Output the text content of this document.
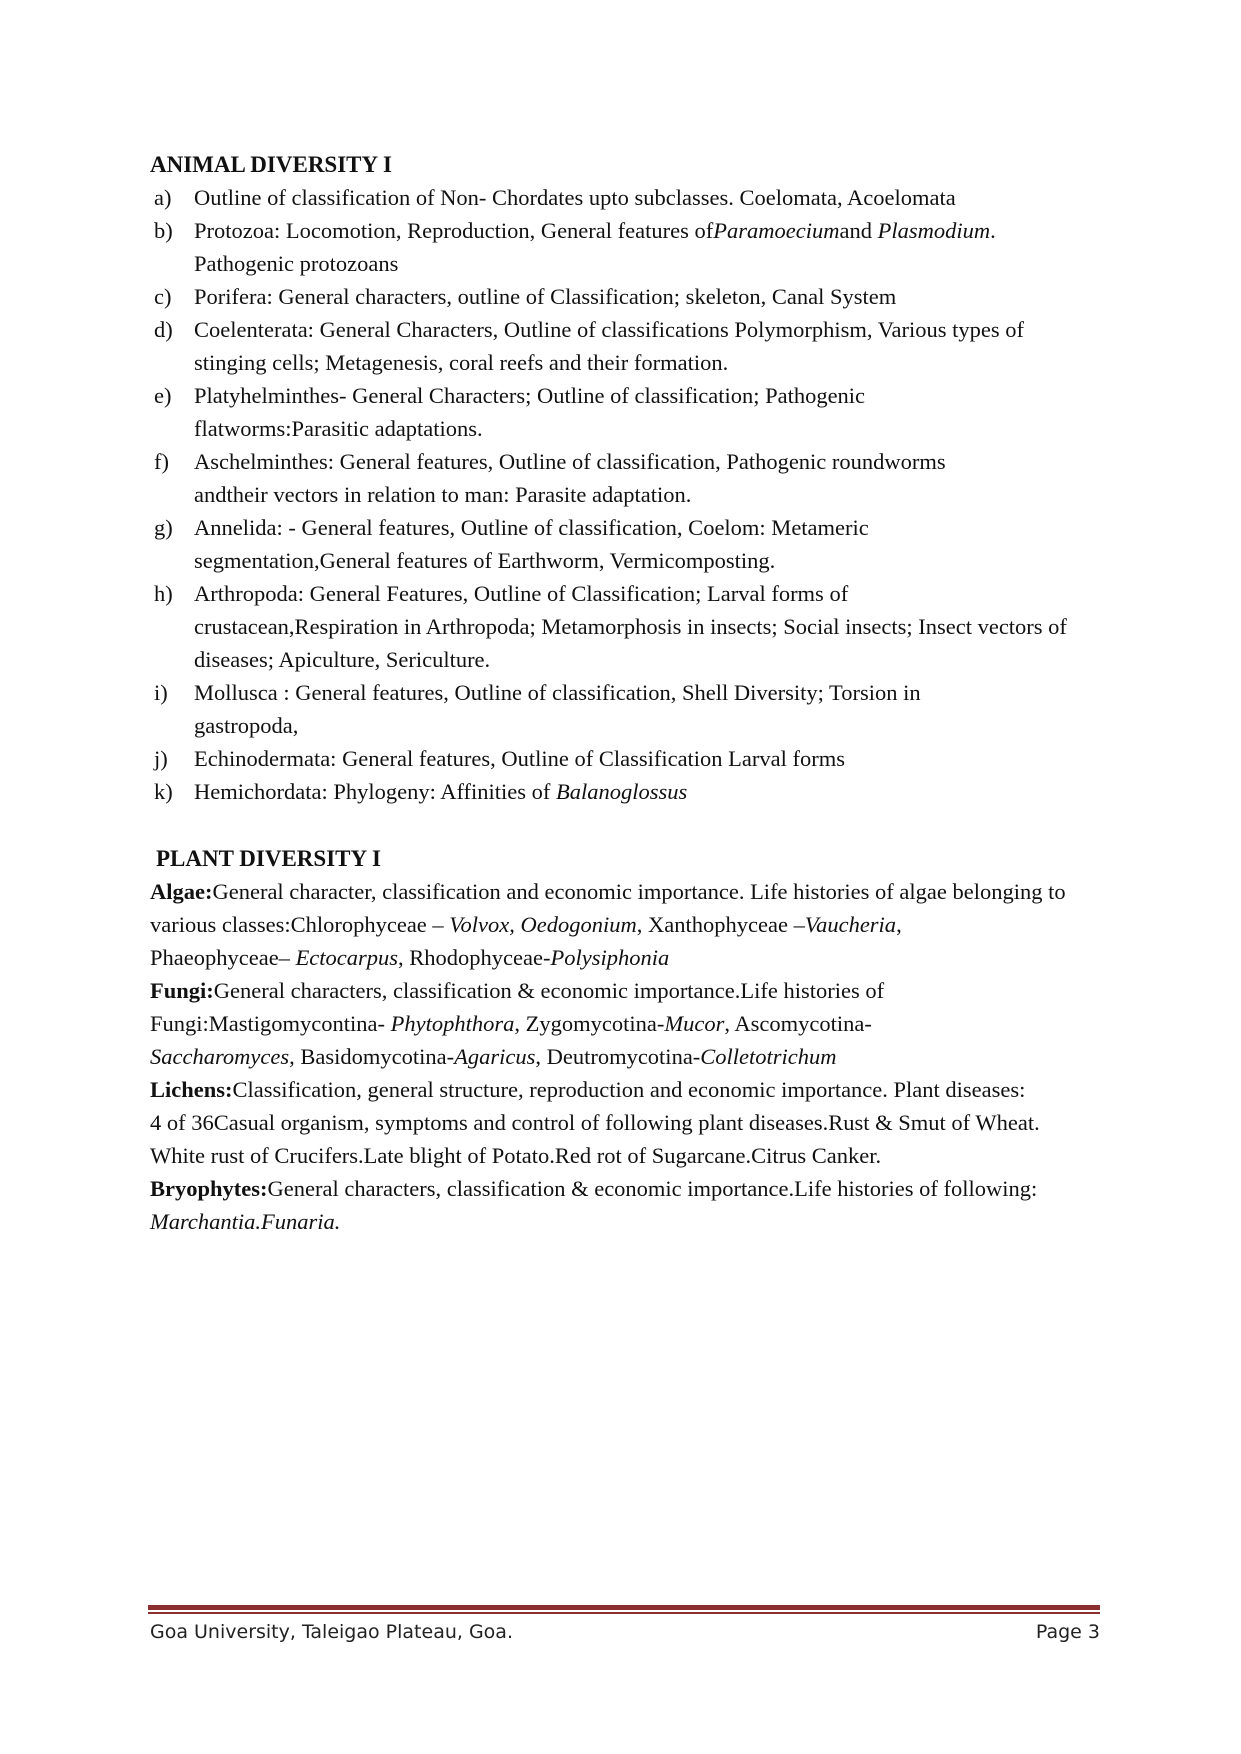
ANIMAL DIVERSITY I
a) Outline of classification of Non- Chordates upto subclasses. Coelomata, Acoelomata
b) Protozoa: Locomotion, Reproduction, General features ofParamoeciumand Plasmodium. Pathogenic protozoans
c) Porifera: General characters, outline of Classification; skeleton, Canal System
d) Coelenterata: General Characters, Outline of classifications Polymorphism, Various types of stinging cells; Metagenesis, coral reefs and their formation.
e) Platyhelminthes- General Characters; Outline of classification; Pathogenic
flatworms:Parasitic adaptations.
f) Aschelminthes: General features, Outline of classification, Pathogenic roundworms
andtheir vectors in relation to man: Parasite adaptation.
g) Annelida: - General features, Outline of classification, Coelom: Metameric
segmentation,General features of Earthworm, Vermicomposting.
h) Arthropoda: General Features, Outline of Classification; Larval forms of
crustacean,Respiration in Arthropoda; Metamorphosis in insects; Social insects; Insect vectors of diseases; Apiculture, Sericulture.
i) Mollusca : General features, Outline of classification, Shell Diversity; Torsion in
gastropoda,
j) Echinodermata: General features, Outline of Classification Larval forms
k) Hemichordata: Phylogeny: Affinities of Balanoglossus
PLANT DIVERSITY I

Algae:General character, classification and economic importance. Life histories of algae belonging to

various classes:Chlorophyceae – Volvox, Oedogonium, Xanthophyceae –Vaucheria,
Phaeophyceae– Ectocarpus, Rhodophyceae-Polysiphonia

Fungi:General characters, classification & economic importance.Life histories of
Fungi:Mastigomycontina- Phytophthora, Zygomycotina-Mucor, Ascomycotina-
Saccharomyces, Basidomycotina-Agaricus, Deutromycotina-Colletotrichum

Lichens:Classification, general structure, reproduction and economic importance. Plant diseases:

4 of 36Casual organism, symptoms and control of following plant diseases.Rust & Smut of Wheat.

White rust of Crucifers.Late blight of Potato.Red rot of Sugarcane.Citrus Canker.

Bryophytes:General characters, classification & economic importance.Life histories of following:

Marchantia.Funaria.

Goa University, Taleigao Plateau, Goa.	Page 3
